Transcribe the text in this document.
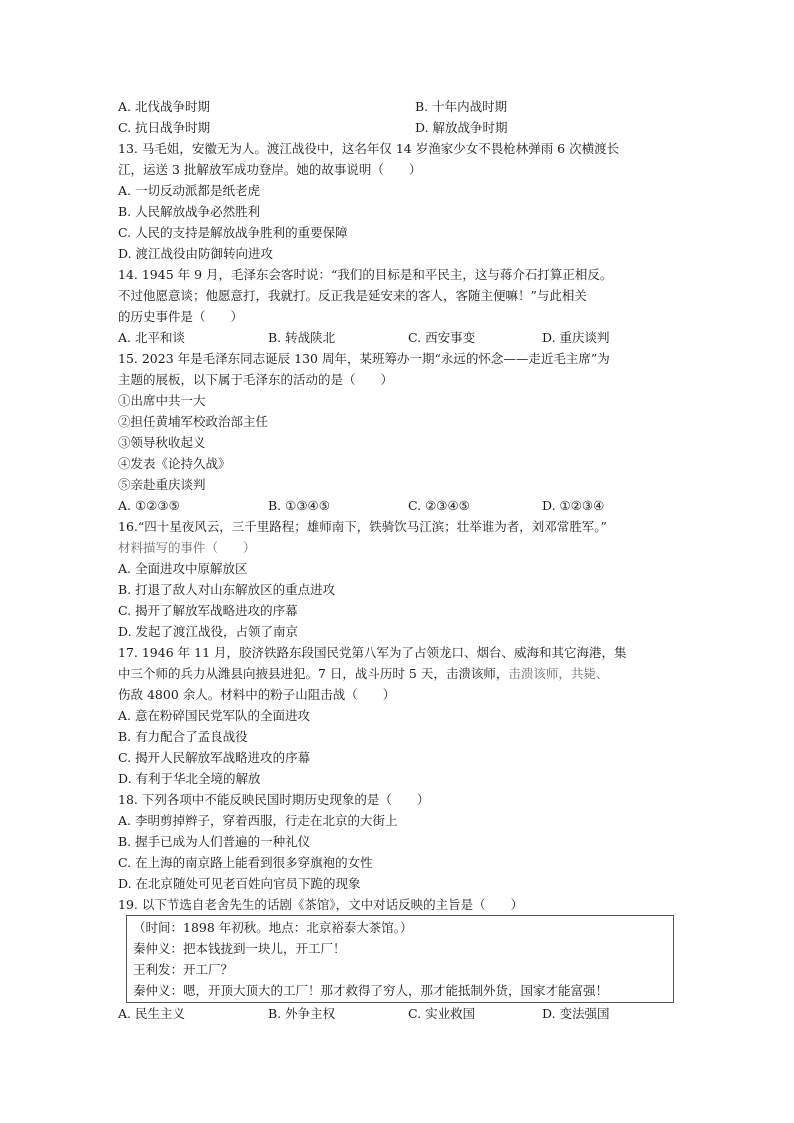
A. 北伐战争时期	B. 十年内战时期
C. 抗日战争时期	D. 解放战争时期
13. 马毛姐，安徽无为人。渡江战役中，这名年仅 14 岁渔家少女不畏枪林弹雨 6 次横渡长
江，运送 3 批解放军成功登岸。她的故事说明（　　）
A. 一切反动派都是纸老虎
B. 人民解放战争必然胜利
C. 人民的支持是解放战争胜利的重要保障
D. 渡江战役由防御转向进攻
14. 1945 年 9 月，毛泽东会客时说：“我们的目标是和平民主，这与蒋介石打算正相反。
不过他愿意谈；他愿意打，我就打。反正我是延安来的客人，客随主便嘛！”与此相关
的历史事件是（　　）
A. 北平和谈	B. 转战陕北	C. 西安事变	D. 重庆谈判
15. 2023 年是毛泽东同志诞辰 130 周年，某班筹办一期“永远的怀念——走近毛主席”为
主题的展板，以下属于毛泽东的活动的是（　　）
①出席中共一大
②担任黄埔军校政治部主任
③领导秋收起义
④发表《论持久战》
⑤亲赴重庆谈判
A. ①②③⑤	B. ①③④⑤	C. ②③④⑤	D. ①②③④
16.“四十星夜风云，三千里路程；雄师南下，铁骑饮马江滨；壮举谁为者，刘邓常胜军。”
材料描写的事件（　　）
A. 全面进攻中原解放区
B. 打退了敌人对山东解放区的重点进攻
C. 揭开了解放军战略进攻的序幕
D. 发起了渡江战役，占领了南京
17. 1946 年 11 月，胶济铁路东段国民党第八军为了占领龙口、烟台、威海和其它海港，集
中三个师的兵力从潍县向掖县进犯。7 日，战斗历时 5 天，击溃该师，击溃该师，共毙、
伤敌 4800 余人。材料中的粉子山阻击战（　　）
A. 意在粉碎国民党军队的全面进攻
B. 有力配合了孟良战役
C. 揭开人民解放军战略进攻的序幕
D. 有利于华北全境的解放
18. 下列各项中不能反映民国时期历史现象的是（　　）
A. 李明剪掉辫子，穿着西服，行走在北京的大街上
B. 握手已成为人们普遍的一种礼仪
C. 在上海的南京路上能看到很多穿旗袍的女性
D. 在北京随处可见老百姓向官员下跪的现象
19. 以下节选自老舍先生的话剧《茶馆》，文中对话反映的主旨是（　　）
（时间：1898 年初秋。地点：北京裕泰大茶馆。）
秦仲义：把本钱拢到一块儿，开工厂！
王利发：开工厂？
秦仲义：嗯，开顶大顶大的工厂！那才救得了穷人，那才能抵制外货，国家才能富强！
A. 民生主义	B. 外争主权	C. 实业救国	D. 变法强国
